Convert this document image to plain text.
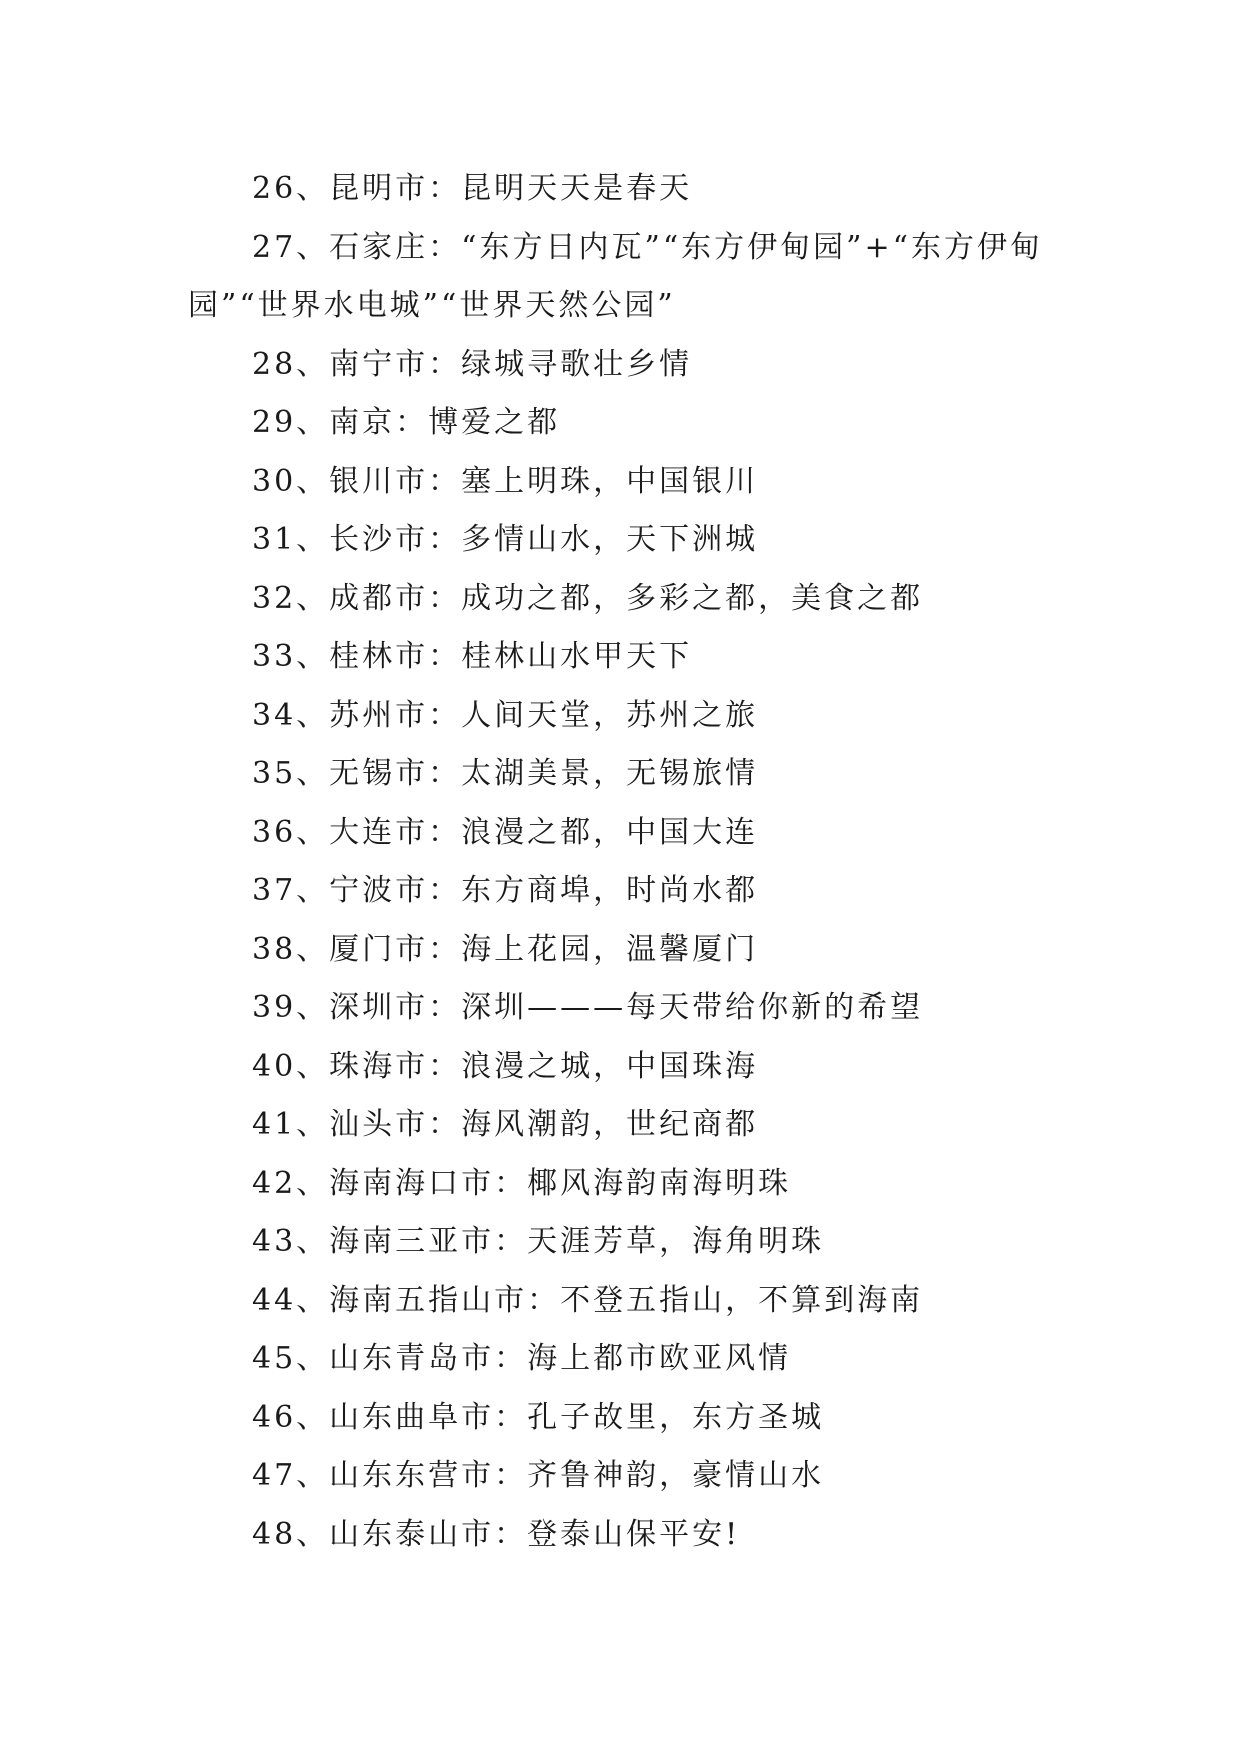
26、昆明市：昆明天天是春天

27、石家庄：“东方日内瓦”“东方伊甸园”+“东方伊甸园”“世界水电城”“世界天然公园”

28、南宁市：绿城寻歌壮乡情

29、南京：博爱之都

30、银川市：塞上明珠，中国银川

31、长沙市：多情山水，天下洲城

32、成都市：成功之都，多彩之都，美食之都

33、桂林市：桂林山水甲天下

34、苏州市：人间天堂，苏州之旅

35、无锡市：太湖美景，无锡旅情

36、大连市：浪漫之都，中国大连

37、宁波市：东方商埠，时尚水都

38、厦门市：海上花园，温馨厦门

39、深圳市：深圳———每天带给你新的希望

40、珠海市：浪漫之城，中国珠海

41、汕头市：海风潮韵，世纪商都

42、海南海口市：椰风海韵南海明珠

43、海南三亚市：天涯芳草，海角明珠

44、海南五指山市：不登五指山，不算到海南

45、山东青岛市：海上都市欧亚风情

46、山东曲阜市：孔子故里，东方圣城

47、山东东营市：齐鲁神韵，豪情山水

48、山东泰山市：登泰山保平安!
